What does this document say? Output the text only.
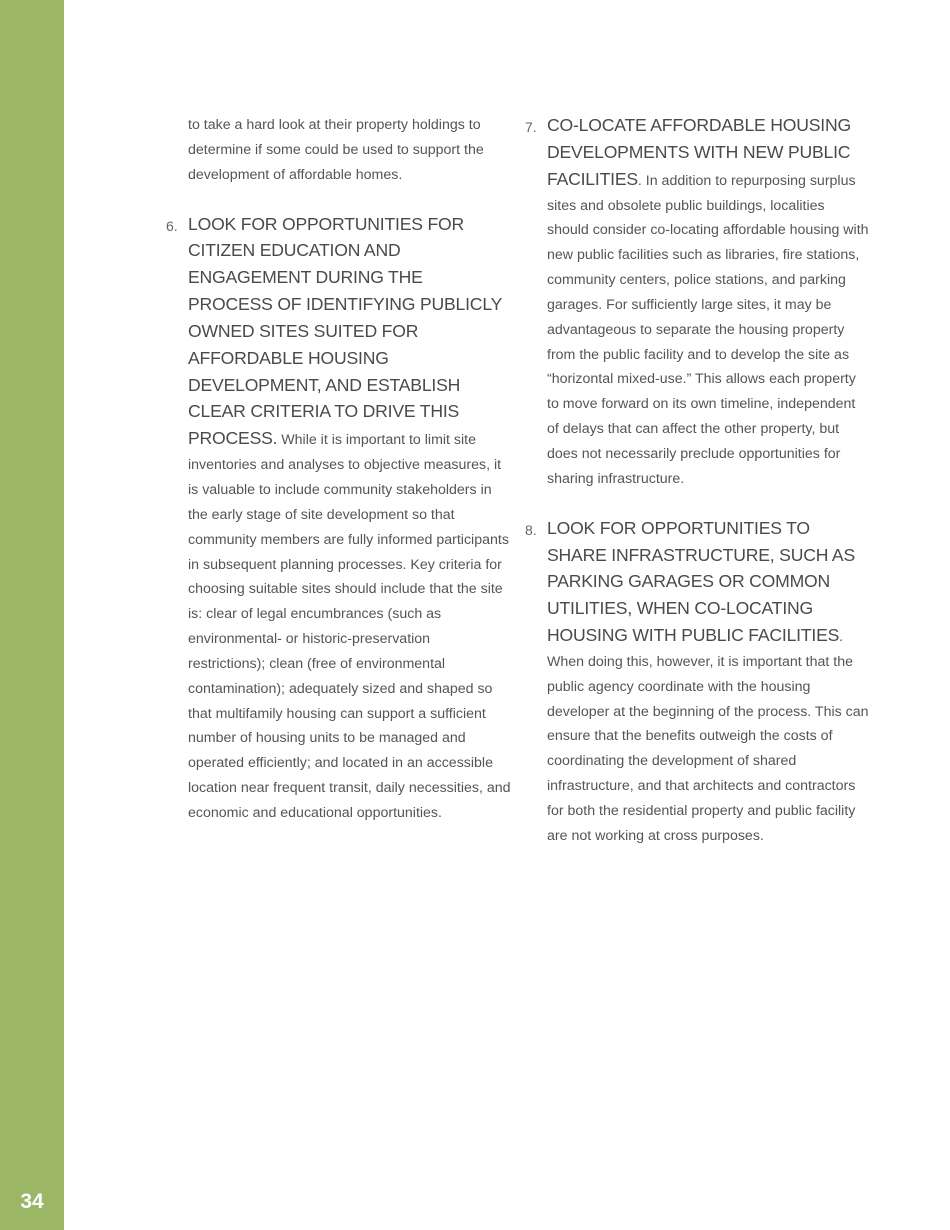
34

to take a hard look at their property holdings to determine if some could be used to support the development of affordable homes.

6. LOOK FOR OPPORTUNITIES FOR CITIZEN EDUCATION AND ENGAGEMENT DURING THE PROCESS OF IDENTIFYING PUBLICLY OWNED SITES SUITED FOR AFFORDABLE HOUSING DEVELOPMENT, AND ESTABLISH CLEAR CRITERIA TO DRIVE THIS PROCESS. While it is important to limit site inventories and analyses to objective measures, it is valuable to include community stakeholders in the early stage of site development so that community members are fully informed participants in subsequent planning processes. Key criteria for choosing suitable sites should include that the site is: clear of legal encumbrances (such as environmental- or historic-preservation restrictions); clean (free of environmental contamination); adequately sized and shaped so that multifamily housing can support a sufficient number of housing units to be managed and operated efficiently; and located in an accessible location near frequent transit, daily necessities, and economic and educational opportunities.

7. CO-LOCATE AFFORDABLE HOUSING DEVELOPMENTS WITH NEW PUBLIC FACILITIES. In addition to repurposing surplus sites and obsolete public buildings, localities should consider co-locating affordable housing with new public facilities such as libraries, fire stations, community centers, police stations, and parking garages. For sufficiently large sites, it may be advantageous to separate the housing property from the public facility and to develop the site as “horizontal mixed-use.” This allows each property to move forward on its own timeline, independent of delays that can affect the other property, but does not necessarily preclude opportunities for sharing infrastructure.

8. LOOK FOR OPPORTUNITIES TO SHARE INFRASTRUCTURE, SUCH AS PARKING GARAGES OR COMMON UTILITIES, WHEN CO-LOCATING HOUSING WITH PUBLIC FACILITIES. When doing this, however, it is important that the public agency coordinate with the housing developer at the beginning of the process. This can ensure that the benefits outweigh the costs of coordinating the development of shared infrastructure, and that architects and contractors for both the residential property and public facility are not working at cross purposes.
